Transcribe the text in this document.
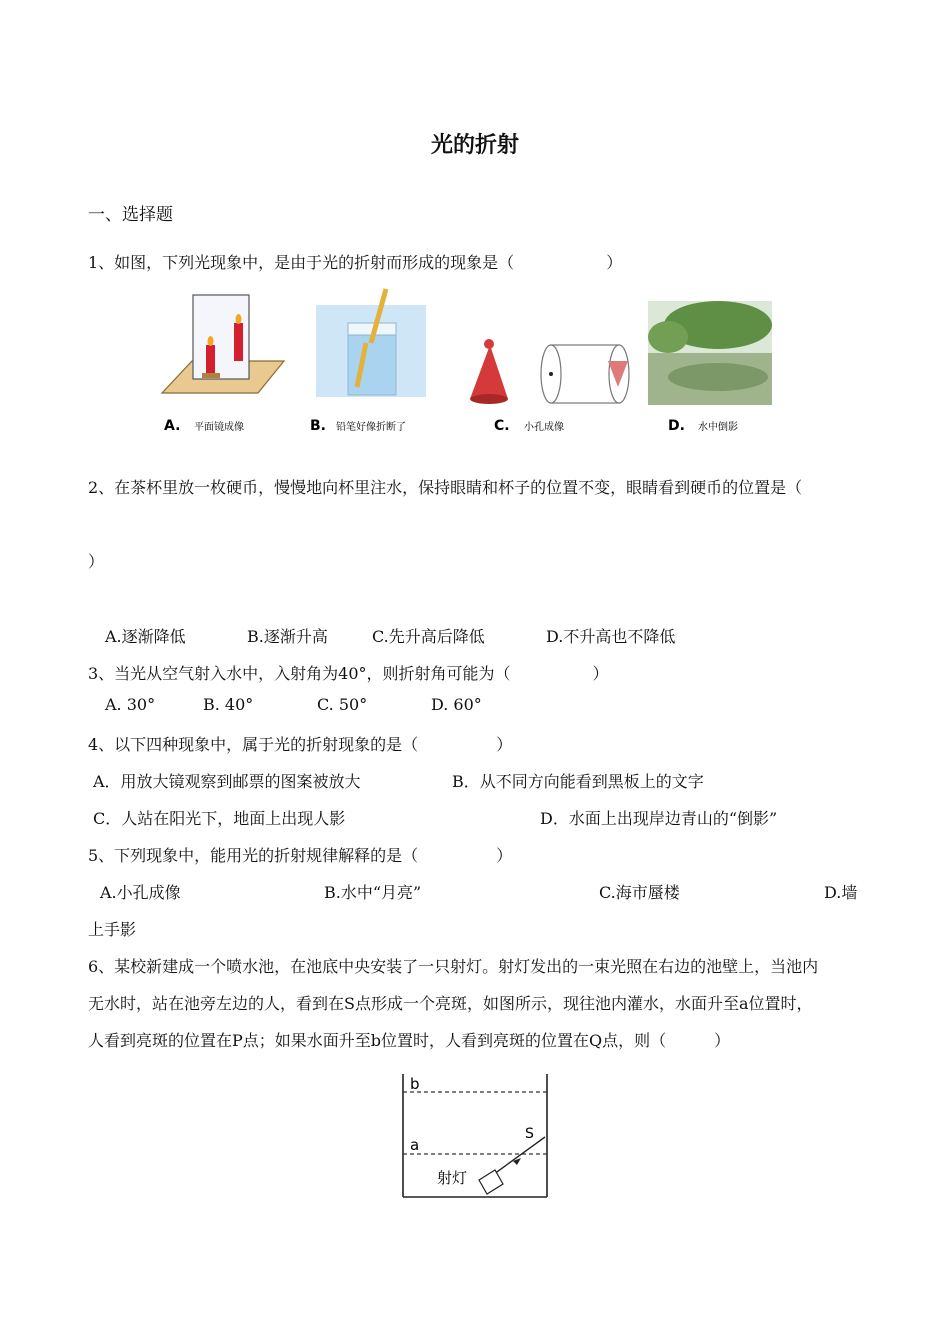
光的折射
一、选择题
1、如图，下列光现象中，是由于光的折射而形成的现象是（	）
A. 平面镜成像	B. 铅笔好像折断了	C. 小孔成像	D. 水中倒影
2、在茶杯里放一枚硬币，慢慢地向杯里注水，保持眼睛和杯子的位置不变，眼睛看到硬币的位置是（
）
A.逐渐降低	B.逐渐升高	C.先升高后降低	D.不升高也不降低
3、当光从空气射入水中，入射角为40°，则折射角可能为（	）
A. 30°	B. 40°	C. 50°	D. 60°
4、以下四种现象中，属于光的折射现象的是（	）
A．用放大镜观察到邮票的图案被放大	B．从不同方向能看到黑板上的文字
C．人站在阳光下，地面上出现人影	D．水面上出现岸边青山的“倒影”
5、下列现象中，能用光的折射规律解释的是（	）
A.小孔成像	B.水中“月亮”	C.海市蜃楼	D.墙
上手影
6、某校新建成一个喷水池，在池底中央安装了一只射灯。射灯发出的一束光照在右边的池壁上，当池内
无水时，站在池旁左边的人，看到在S点形成一个亮斑，如图所示，现往池内灌水，水面升至a位置时，
人看到亮斑的位置在P点；如果水面升至b位置时，人看到亮斑的位置在Q点，则（	）
b
a
S
射灯
